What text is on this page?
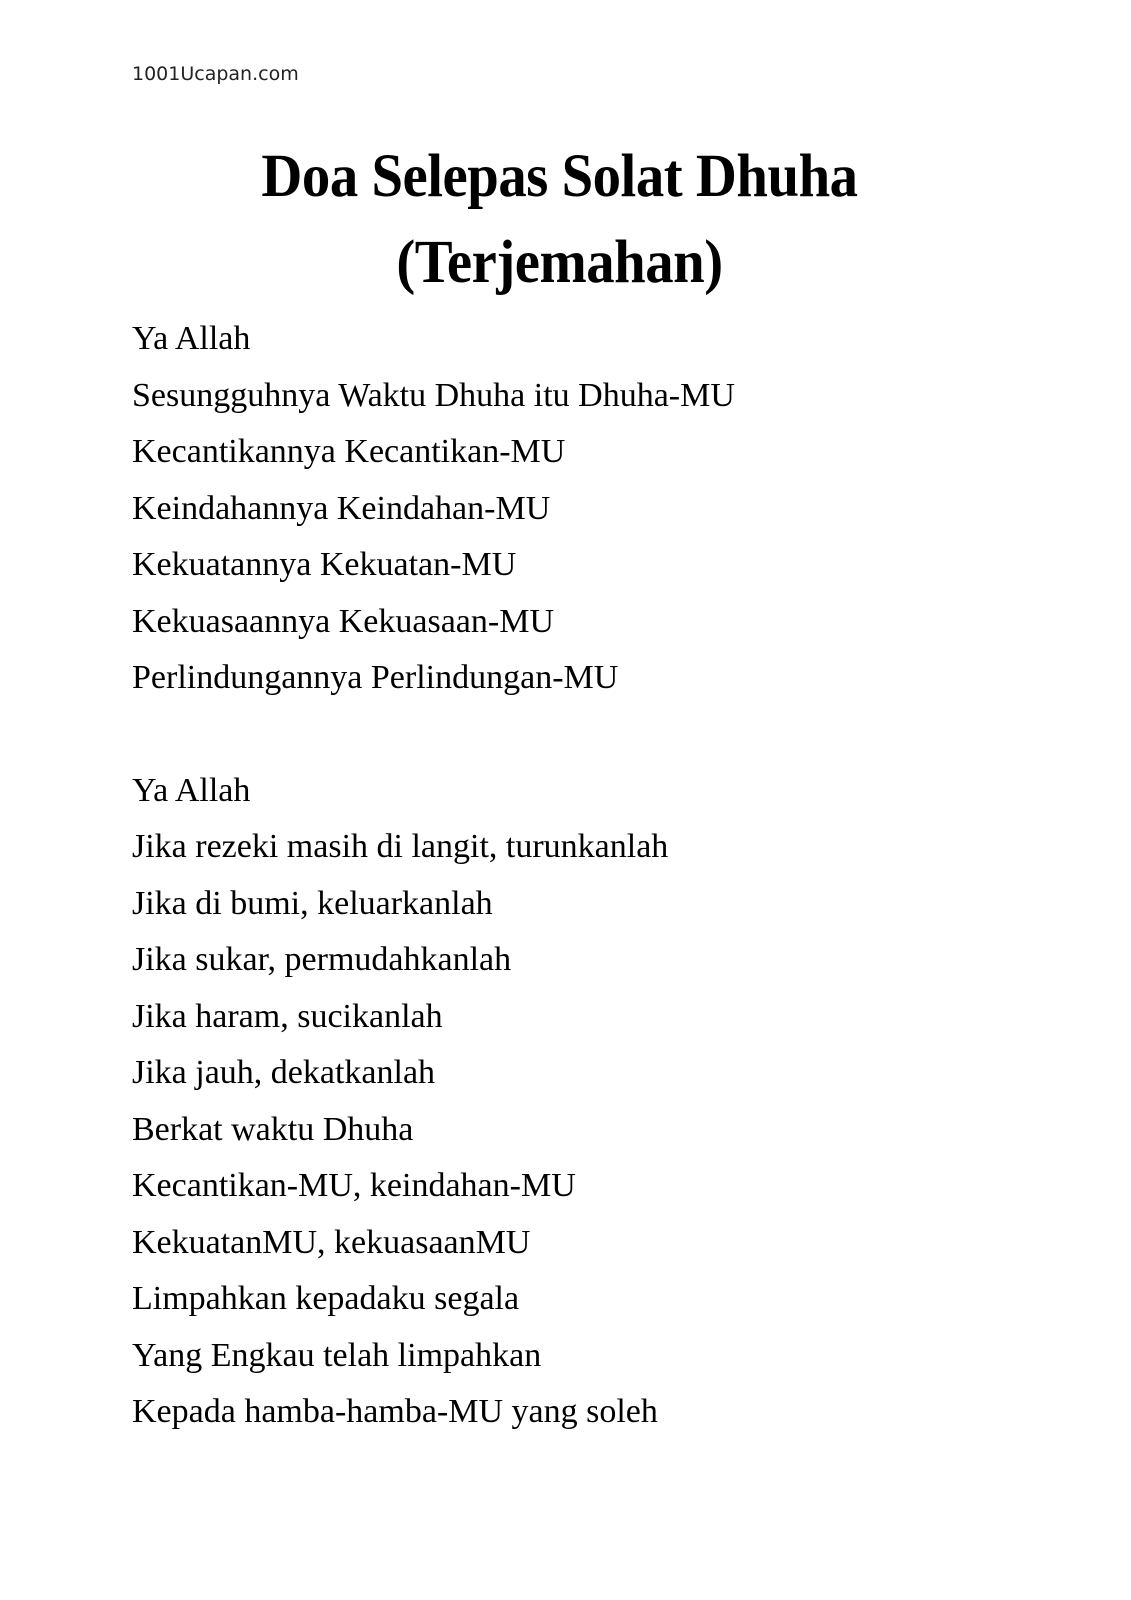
1001Ucapan.com
Doa Selepas Solat Dhuha
(Terjemahan)
Ya Allah
Sesungguhnya Waktu Dhuha itu Dhuha-MU
Kecantikannya Kecantikan-MU
Keindahannya Keindahan-MU
Kekuatannya Kekuatan-MU
Kekuasaannya Kekuasaan-MU
Perlindungannya Perlindungan-MU
Ya Allah
Jika rezeki masih di langit, turunkanlah
Jika di bumi, keluarkanlah
Jika sukar, permudahkanlah
Jika haram, sucikanlah
Jika jauh, dekatkanlah
Berkat waktu Dhuha
Kecantikan-MU, keindahan-MU
KekuatanMU, kekuasaanMU
Limpahkan kepadaku segala
Yang Engkau telah limpahkan
Kepada hamba-hamba-MU yang soleh
